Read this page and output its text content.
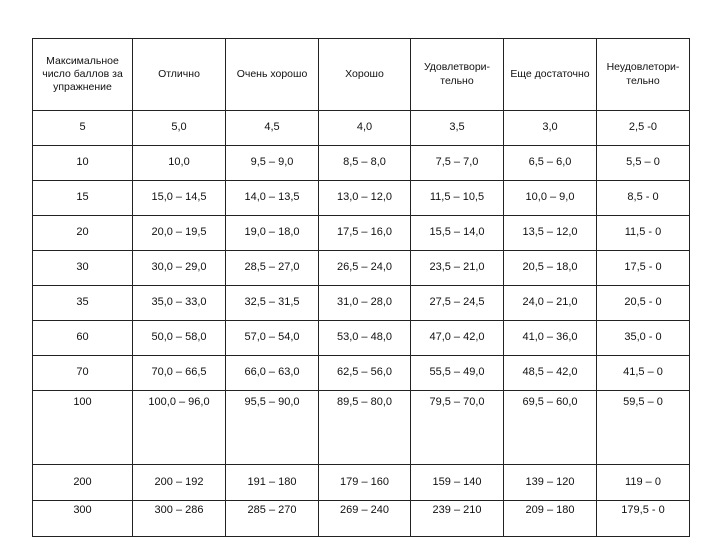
Максимальное число баллов за упражнение	Отлично	Очень хорошо	Хорошо	Удовлетвори-тельно	Еще достаточно	Неудовлетори-тельно
5	5,0	4,5	4,0	3,5	3,0	2,5 -0
10	10,0	9,5 – 9,0	8,5 – 8,0	7,5 – 7,0	6,5 – 6,0	5,5 – 0
15	15,0 – 14,5	14,0 – 13,5	13,0 – 12,0	11,5 – 10,5	10,0 – 9,0	8,5 - 0
20	20,0 – 19,5	19,0 – 18,0	17,5 – 16,0	15,5 – 14,0	13,5 – 12,0	11,5 - 0
30	30,0 – 29,0	28,5 – 27,0	26,5 – 24,0	23,5 – 21,0	20,5 – 18,0	17,5 - 0
35	35,0 – 33,0	32,5 – 31,5	31,0 – 28,0	27,5 – 24,5	24,0 – 21,0	20,5 - 0
60	50,0 – 58,0	57,0 – 54,0	53,0 – 48,0	47,0 – 42,0	41,0 – 36,0	35,0 - 0
70	70,0 – 66,5	66,0 – 63,0	62,5 – 56,0	55,5 – 49,0	48,5 – 42,0	41,5 – 0
100	100,0 – 96,0	95,5 – 90,0	89,5 – 80,0	79,5 – 70,0	69,5 – 60,0	59,5 – 0
200	200 – 192	191 – 180	179 – 160	159 – 140	139 – 120	119 – 0
300	300 – 286	285 – 270	269 – 240	239 – 210	209 – 180	179,5 - 0
